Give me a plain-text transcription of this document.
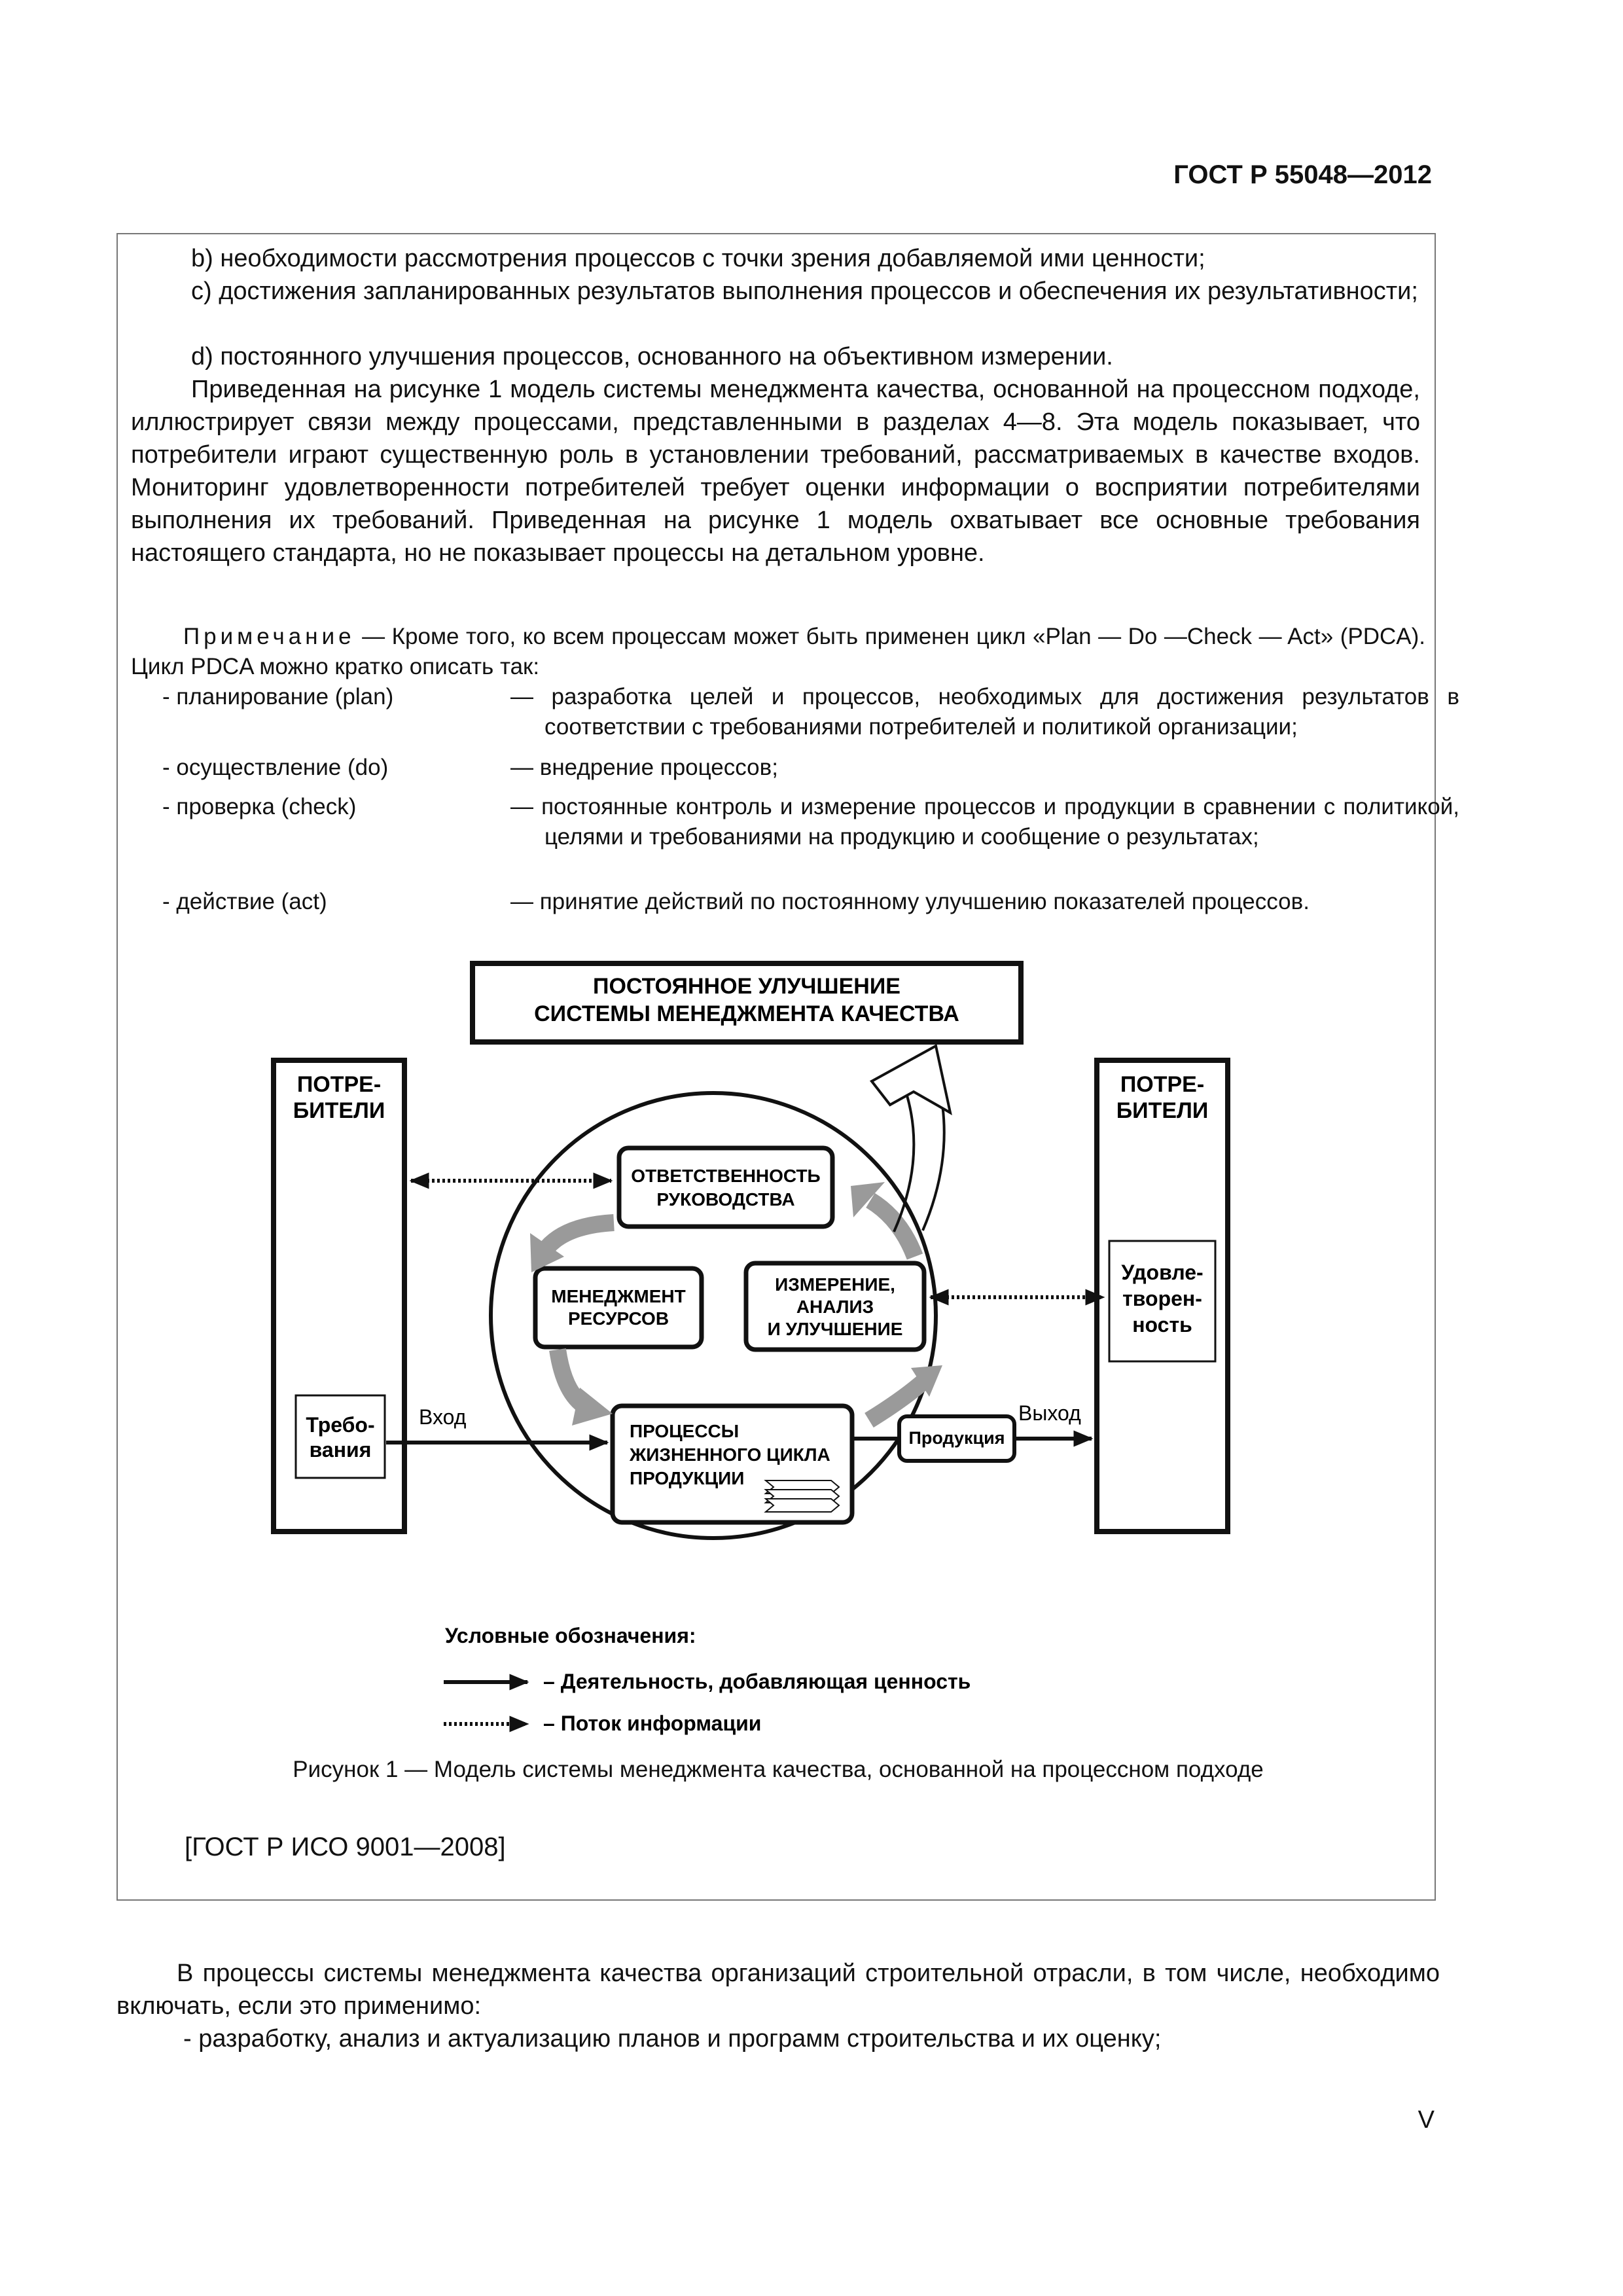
ГОСТ Р 55048—2012

b) необходимости рассмотрения процессов с точки зрения добавляемой ими ценности;

c) достижения запланированных результатов выполнения процессов и обеспечения их результативности;

d) постоянного улучшения процессов, основанного на объективном измерении.

Приведенная на рисунке 1 модель системы менеджмента качества, основанной на процессном подходе, иллюстрирует связи между процессами, представленными в разделах 4—8. Эта модель показывает, что потребители играют существенную роль в установлении требований, рассматриваемых в качестве входов. Мониторинг удовлетворенности потребителей требует оценки информации о восприятии потребителями выполнения их требований. Приведенная на рисунке 1 модель охватывает все основные требования настоящего стандарта, но не показывает процессы на детальном уровне.

Примечание — Кроме того, ко всем процессам может быть применен цикл «Plan — Do —Check — Act» (PDCA). Цикл PDCA можно кратко описать так:

- планирование (plan)	— разработка целей и процессов, необходимых для достижения результатов в соответствии с требованиями потребителей и политикой организации;

- осуществление (do)	— внедрение процессов;

- проверка (check)	— постоянные контроль и измерение процессов и продукции в сравнении с политикой, целями и требованиями на продукцию и сообщение о результатах;

- действие (act)	— принятие действий по постоянному улучшению показателей процессов.

ПОСТОЯННОЕ УЛУЧШЕНИЕ
СИСТЕМЫ МЕНЕДЖМЕНТА КАЧЕСТВА
ПОТРЕ-
БИТЕЛИ
Требо-
вания
ПОТРЕ-
БИТЕЛИ
Удовле-
творен-
ность
ОТВЕТСТВЕННОСТЬ
РУКОВОДСТВА
МЕНЕДЖМЕНТ
РЕСУРСОВ
ИЗМЕРЕНИЕ,
АНАЛИЗ
И УЛУЧШЕНИЕ
ПРОЦЕССЫ
ЖИЗНЕННОГО ЦИКЛА
ПРОДУКЦИИ
Продукция
Вход	Выход
Условные обозначения:
– Деятельность, добавляющая ценность
– Поток информации
Рисунок 1 — Модель системы менеджмента качества, основанной на процессном подходе
[ГОСТ Р ИСО 9001—2008]

В процессы системы менеджмента качества организаций строительной отрасли, в том числе, необходимо включать, если это применимо:

- разработку, анализ и актуализацию планов и программ строительства и их оценку;

V
